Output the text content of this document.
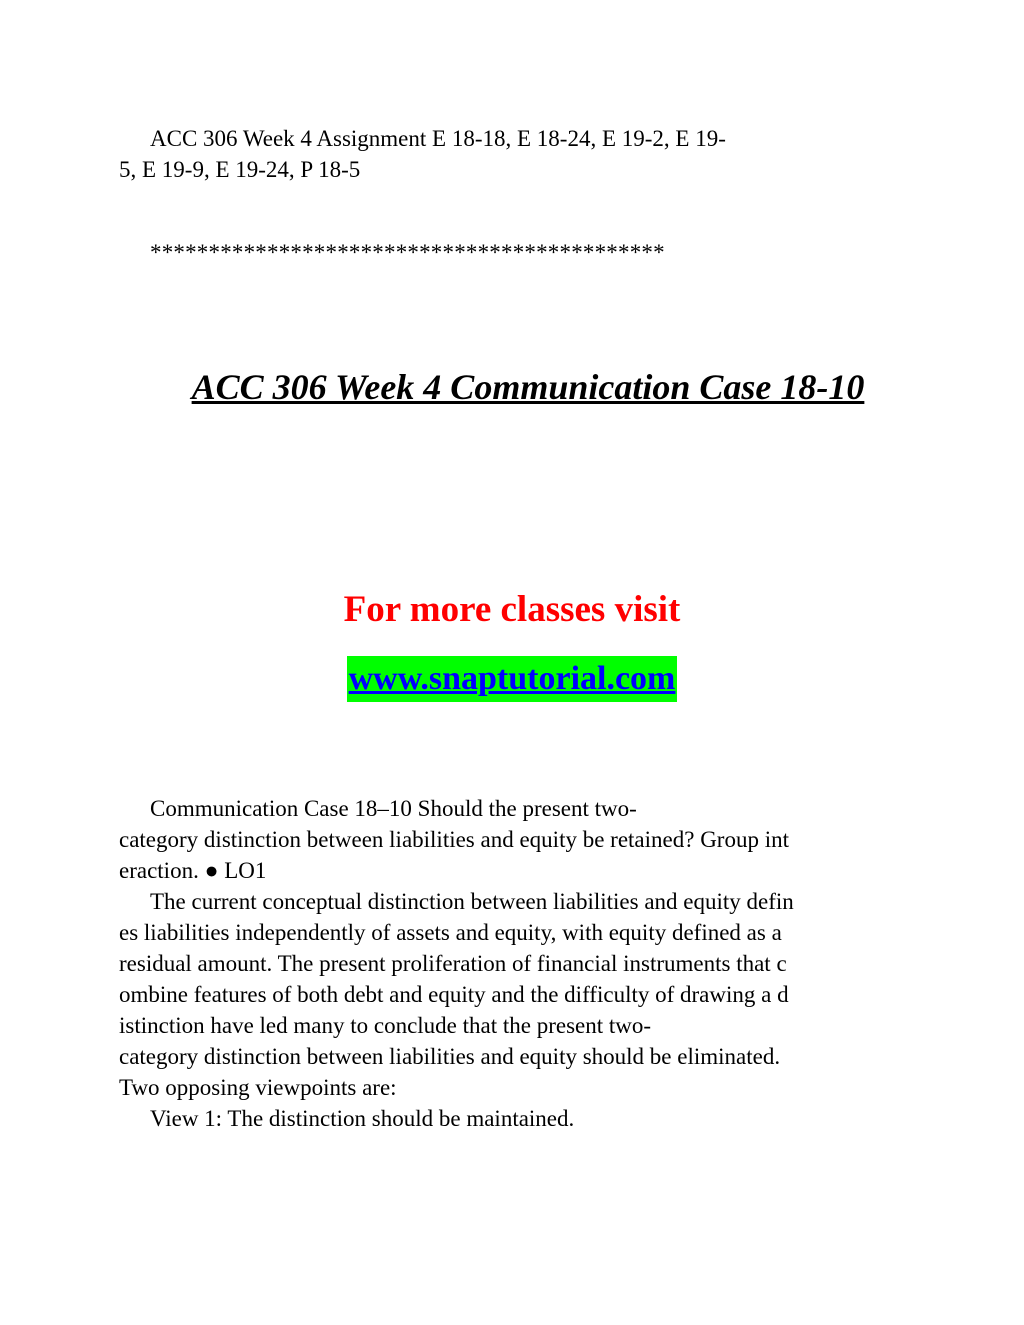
ACC 306 Week 4 Assignment E 18-18, E 18-24, E 19-2, E 19-

5, E 19-9, E 19-24, P 18-5

********************************************
ACC 306 Week 4 Communication Case 18-10
For more classes visit
www.snaptutorial.com

Communication Case 18–10 Should the present two-

category distinction between liabilities and equity be retained? Group int

eraction. ● LO1

The current conceptual distinction between liabilities and equity defin

es liabilities independently of assets and equity, with equity defined as a

residual amount. The present proliferation of financial instruments that c

ombine features of both debt and equity and the difficulty of drawing a d

istinction have led many to conclude that the present two-

category distinction between liabilities and equity should be eliminated.

Two opposing viewpoints are:

View 1: The distinction should be maintained.
